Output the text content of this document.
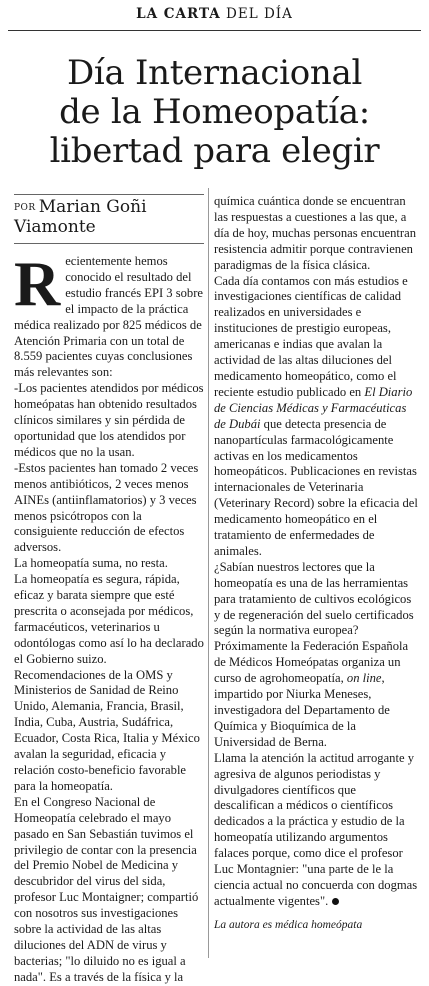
LA CARTA DEL DÍA
Día Internacional
de la Homeopatía:
libertad para elegir
POR Marian Goñi Viamonte

Recientemente hemos conocido el resultado del estudio francés EPI 3 sobre el impacto de la práctica médica realizado por 825 médicos de Atención Primaria con un total de 8.559 pacientes cuyas conclusiones más relevantes son:

-Los pacientes atendidos por médicos homeópatas han obtenido resultados clínicos similares y sin pérdida de oportunidad que los atendidos por médicos que no la usan.

-Estos pacientes han tomado 2 veces menos antibióticos, 2 veces menos AINEs (antiinflamatorios) y 3 veces menos psicótropos con la consiguiente reducción de efectos adversos.

La homeopatía suma, no resta.

La homeopatía es segura, rápida, eficaz y barata siempre que esté prescrita o aconsejada por médicos, farmacéuticos, veterinarios u odontólogas como así lo ha declarado el Gobierno suizo.

Recomendaciones de la OMS y Ministerios de Sanidad de Reino Unido, Alemania, Francia, Brasil, India, Cuba, Austria, Sudáfrica, Ecuador, Costa Rica, Italia y México avalan la seguridad, eficacia y relación costo-beneficio favorable para la homeopatía.

En el Congreso Nacional de Homeopatía celebrado el mayo pasado en San Sebastián tuvimos el privilegio de contar con la presencia del Premio Nobel de Medicina y descubridor del virus del sida, profesor Luc Montaigner; compartió con nosotros sus investigaciones sobre la actividad de las altas diluciones del ADN de virus y bacterias; "lo diluido no es igual a nada". Es a través de la física y la

química cuántica donde se encuentran las respuestas a cuestiones a las que, a día de hoy, muchas personas encuentran resistencia admitir porque contravienen paradigmas de la física clásica.

Cada día contamos con más estudios e investigaciones científicas de calidad realizados en universidades e instituciones de prestigio europeas, americanas e indias que avalan la actividad de las altas diluciones del medicamento homeopático, como el reciente estudio publicado en El Diario de Ciencias Médicas y Farmacéuticas de Dubái que detecta presencia de nanopartículas farmacológicamente activas en los medicamentos homeopáticos. Publicaciones en revistas internacionales de Veterinaria (Veterinary Record) sobre la eficacia del medicamento homeopático en el tratamiento de enfermedades de animales.

¿Sabían nuestros lectores que la homeopatía es una de las herramientas para tratamiento de cultivos ecológicos y de regeneración del suelo certificados según la normativa europea? Próximamente la Federación Española de Médicos Homeópatas organiza un curso de agrohomeopatía, on line, impartido por Niurka Meneses, investigadora del Departamento de Química y Bioquímica de la Universidad de Berna.

Llama la atención la actitud arrogante y agresiva de algunos periodistas y divulgadores científicos que descalifican a médicos o científicos dedicados a la práctica y estudio de la homeopatía utilizando argumentos falaces porque, como dice el profesor Luc Montagnier: "una parte de le la ciencia actual no concuerda con dogmas actualmente vigentes".

La autora es médica homeópata
